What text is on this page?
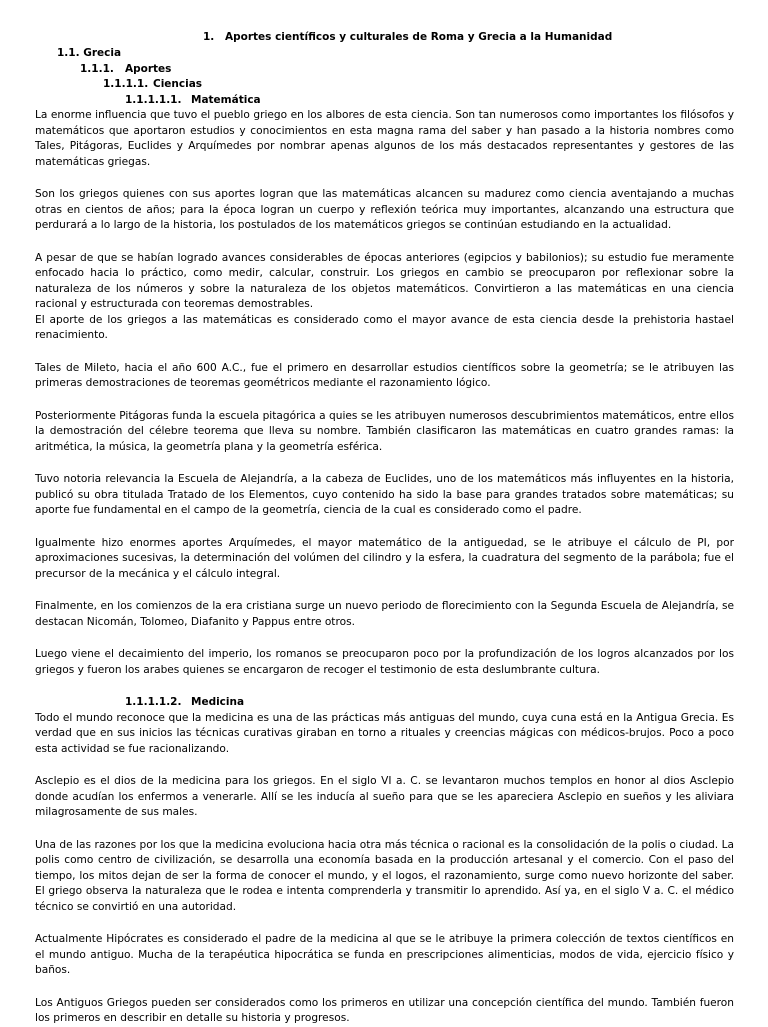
1. Aportes científicos y culturales de Roma y Grecia a la Humanidad
1.1. Grecia
1.1.1. Aportes
1.1.1.1. Ciencias
1.1.1.1.1. Matemática

La enorme influencia que tuvo el pueblo griego en los albores de esta ciencia. Son tan numerosos como importantes los filósofos y matemáticos que aportaron estudios y conocimientos en esta magna rama del saber y han pasado a la historia nombres como Tales, Pitágoras, Euclides y Arquímedes por nombrar apenas algunos de los más destacados representantes y gestores de las matemáticas griegas.

Son los griegos quienes con sus aportes logran que las matemáticas alcancen su madurez como ciencia aventajando a muchas otras en cientos de años; para la época logran un cuerpo y reflexión teórica muy importantes, alcanzando una estructura que perdurará a lo largo de la historia, los postulados de los matemáticos griegos se continúan estudiando en la actualidad.

A pesar de que se habían logrado avances considerables de épocas anteriores (egipcios y babilonios); su estudio fue meramente enfocado hacia lo práctico, como medir, calcular, construir. Los griegos en cambio se preocuparon por reflexionar sobre la naturaleza de los números y sobre la naturaleza de los objetos matemáticos. Convirtieron a las matemáticas en una ciencia racional y estructurada con teoremas demostrables.

El aporte de los griegos a las matemáticas es considerado como el mayor avance de esta ciencia desde la prehistoria hastael renacimiento.

Tales de Mileto, hacia el año 600 A.C., fue el primero en desarrollar estudios científicos sobre la geometría; se le atribuyen las primeras demostraciones de teoremas geométricos mediante el razonamiento lógico.

Posteriormente Pitágoras funda la escuela pitagórica a quies se les atribuyen numerosos descubrimientos matemáticos, entre ellos la demostración del célebre teorema que lleva su nombre. También clasificaron las matemáticas en cuatro grandes ramas: la aritmética, la música, la geometría plana y la geometría esférica.

Tuvo notoria relevancia la Escuela de Alejandría, a la cabeza de Euclides, uno de los matemáticos más influyentes en la historia, publicó su obra titulada Tratado de los Elementos, cuyo contenido ha sido la base para grandes tratados sobre matemáticas; su aporte fue fundamental en el campo de la geometría, ciencia de la cual es considerado como el padre.

Igualmente hizo enormes aportes Arquímedes, el mayor matemático de la antiguedad, se le atribuye el cálculo de PI, por aproximaciones sucesivas, la determinación del volúmen del cilindro y la esfera, la cuadratura del segmento de la parábola; fue el precursor de la mecánica y el cálculo integral.

Finalmente, en los comienzos de la era cristiana surge un nuevo periodo de florecimiento con la Segunda Escuela de Alejandría, se destacan Nicomán, Tolomeo, Diafanito y Pappus entre otros.

Luego viene el decaimiento del imperio, los romanos se preocuparon poco por la profundización de los logros alcanzados por los griegos y fueron los arabes quienes se encargaron de recoger el testimonio de esta deslumbrante cultura.

1.1.1.1.2. Medicina

Todo el mundo reconoce que la medicina es una de las prácticas más antiguas del mundo, cuya cuna está en la Antigua Grecia. Es verdad que en sus inicios las técnicas curativas giraban en torno a rituales y creencias mágicas con médicos-brujos. Poco a poco esta actividad se fue racionalizando.

Asclepio es el dios de la medicina para los griegos. En el siglo VI a. C. se levantaron muchos templos en honor al dios Asclepio donde acudían los enfermos a venerarle. Allí se les inducía al sueño para que se les apareciera Asclepio en sueños y les aliviara milagrosamente de sus males.

Una de las razones por los que la medicina evoluciona hacia otra más técnica o racional es la consolidación de la polis o ciudad. La polis como centro de civilización, se desarrolla una economía basada en la producción artesanal y el comercio. Con el paso del tiempo, los mitos dejan de ser la forma de conocer el mundo, y el logos, el razonamiento, surge como nuevo horizonte del saber. El griego observa la naturaleza que le rodea e intenta comprenderla y transmitir lo aprendido. Así ya, en el siglo V a. C. el médico técnico se convirtió en una autoridad.

Actualmente Hipócrates es considerado el padre de la medicina al que se le atribuye la primera colección de textos científicos en el mundo antiguo. Mucha de la terapéutica hipocrática se funda en prescripciones alimenticias, modos de vida, ejercicio físico y baños.

Los Antiguos Griegos pueden ser considerados como los primeros en utilizar una concepción científica del mundo. También fueron los primeros en describir en detalle su historia y progresos.
